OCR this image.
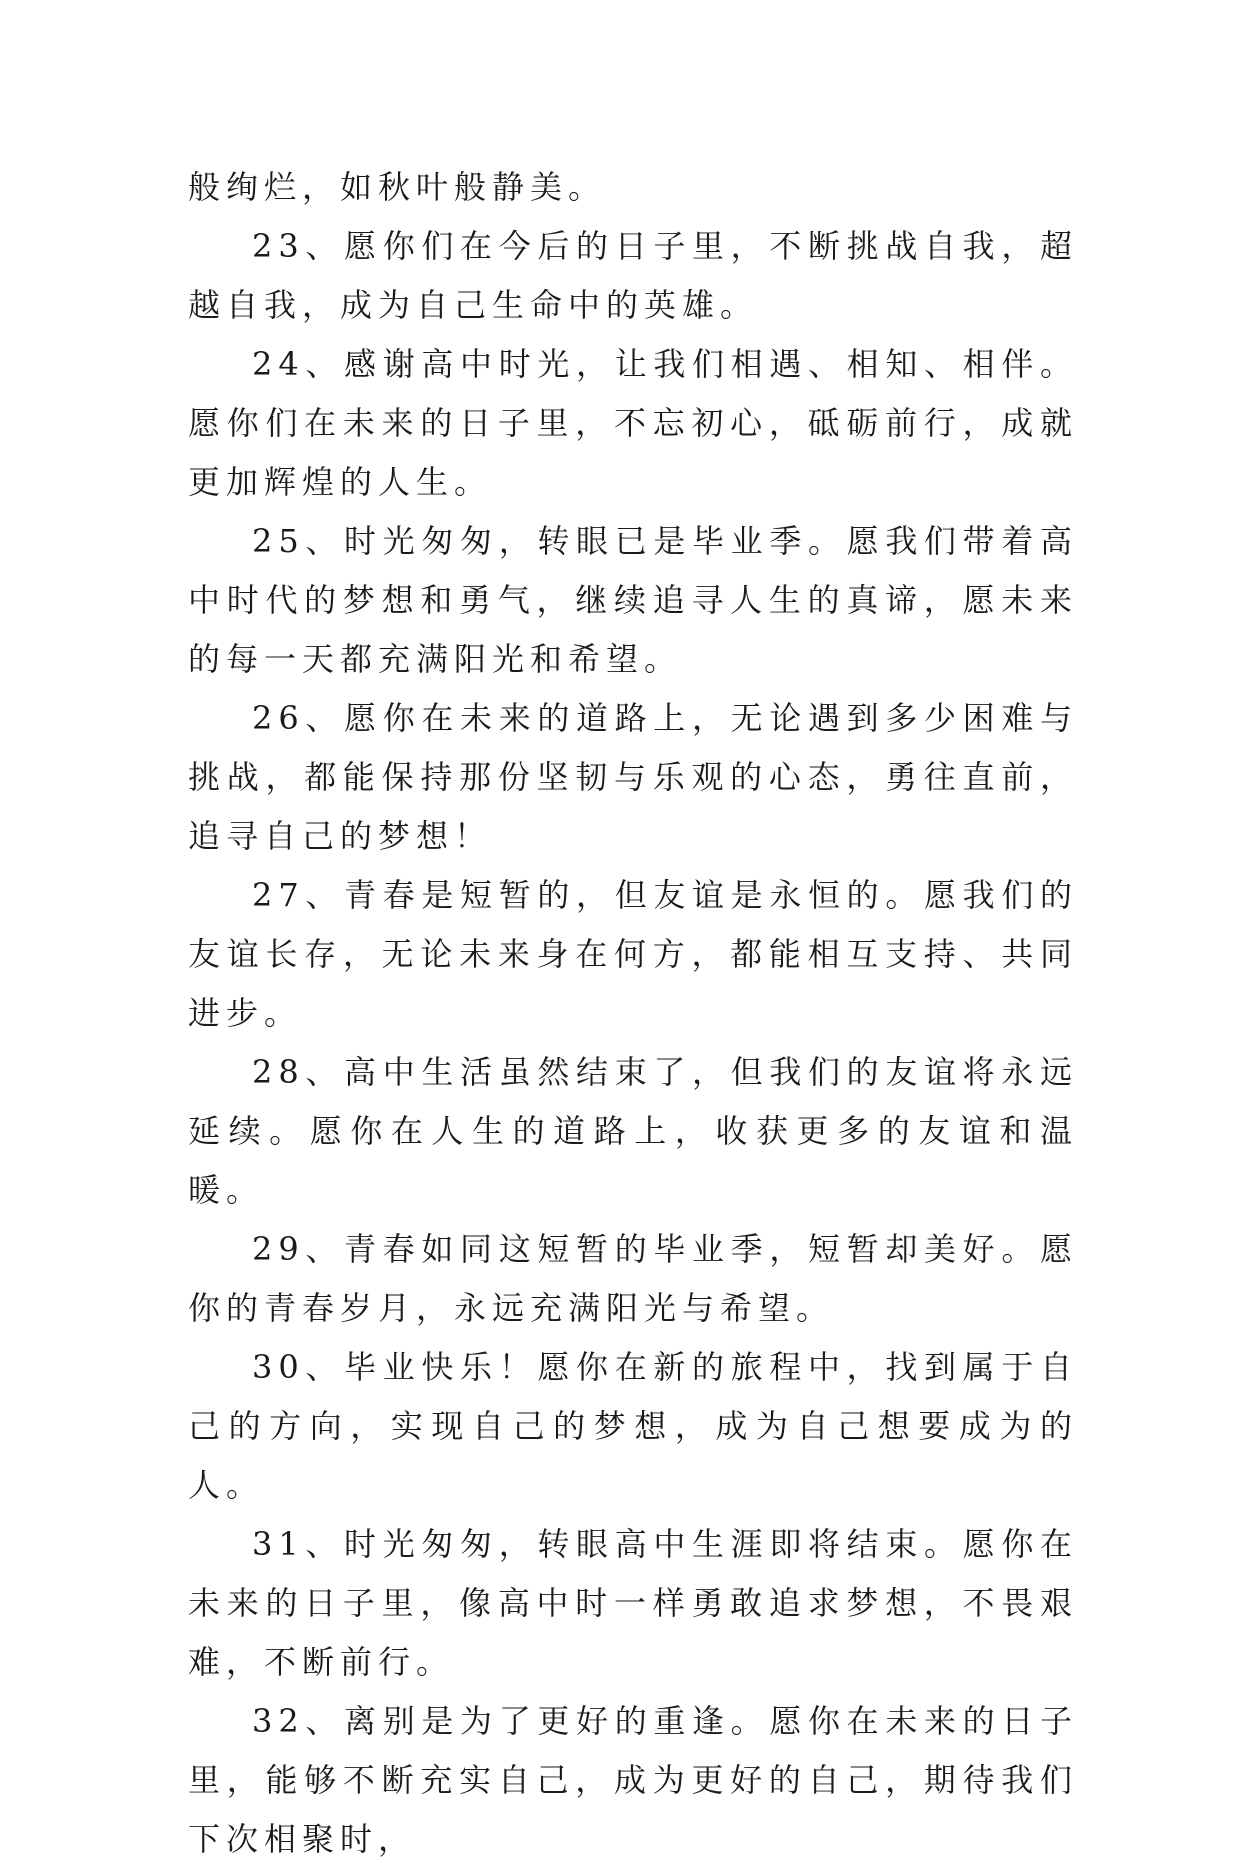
般绚烂，如秋叶般静美。

23、愿你们在今后的日子里，不断挑战自我，超越自我，成为自己生命中的英雄。

24、感谢高中时光，让我们相遇、相知、相伴。愿你们在未来的日子里，不忘初心，砥砺前行，成就更加辉煌的人生。

25、时光匆匆，转眼已是毕业季。愿我们带着高中时代的梦想和勇气，继续追寻人生的真谛，愿未来的每一天都充满阳光和希望。

26、愿你在未来的道路上，无论遇到多少困难与挑战，都能保持那份坚韧与乐观的心态，勇往直前，追寻自己的梦想！

27、青春是短暂的，但友谊是永恒的。愿我们的友谊长存，无论未来身在何方，都能相互支持、共同进步。

28、高中生活虽然结束了，但我们的友谊将永远延续。愿你在人生的道路上，收获更多的友谊和温暖。

29、青春如同这短暂的毕业季，短暂却美好。愿你的青春岁月，永远充满阳光与希望。

30、毕业快乐！愿你在新的旅程中，找到属于自己的方向，实现自己的梦想，成为自己想要成为的人。

31、时光匆匆，转眼高中生涯即将结束。愿你在未来的日子里，像高中时一样勇敢追求梦想，不畏艰难，不断前行。

32、离别是为了更好的重逢。愿你在未来的日子里，能够不断充实自己，成为更好的自己，期待我们下次相聚时，
